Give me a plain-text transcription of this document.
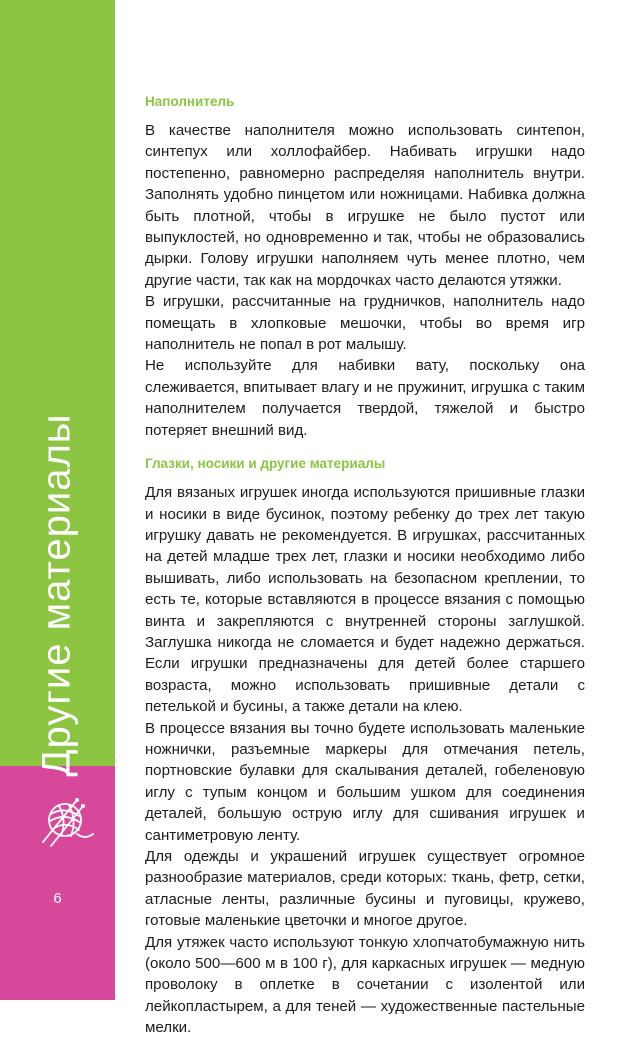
Другие материалы
6
Наполнитель

В качестве наполнителя можно использовать синтепон, синтепух или холлофайбер. Набивать игрушки надо постепенно, равномерно распределяя наполнитель внутри. Заполнять удобно пинцетом или ножницами. Набивка должна быть плотной, чтобы в игрушке не было пустот или выпуклостей, но одновременно и так, чтобы не образовались дырки. Голову игрушки наполняем чуть менее плотно, чем другие части, так как на мордочках часто делаются утяжки.

В игрушки, рассчитанные на грудничков, наполнитель надо помещать в хлопковые мешочки, чтобы во время игр наполнитель не попал в рот малышу.

Не используйте для набивки вату, поскольку она слеживается, впитывает влагу и не пружинит, игрушка с таким наполнителем получается твердой, тяжелой и быстро потеряет внешний вид.

Глазки, носики и другие материалы

Для вязаных игрушек иногда используются пришивные глазки и носики в виде бусинок, поэтому ребенку до трех лет такую игрушку давать не рекомендуется. В игрушках, рассчитанных на детей младше трех лет, глазки и носики необходимо либо вышивать, либо использовать на безопасном креплении, то есть те, которые вставляются в процессе вязания с помощью винта и закрепляются с внутренней стороны заглушкой. Заглушка никогда не сломается и будет надежно держаться. Если игрушки предназначены для детей более старшего возраста, можно использовать пришивные детали с петелькой и бусины, а также детали на клею.

В процессе вязания вы точно будете использовать маленькие ножнички, разъемные маркеры для отмечания петель, портновские булавки для скалывания деталей, гобеленовую иглу с тупым концом и большим ушком для соединения деталей, большую острую иглу для сшивания игрушек и сантиметровую ленту.

Для одежды и украшений игрушек существует огромное разнообразие материалов, среди которых: ткань, фетр, сетки, атласные ленты, различные бусины и пуговицы, кружево, готовые маленькие цветочки и многое другое.

Для утяжек часто используют тонкую хлопчатобумажную нить (около 500—600 м в 100 г), для каркасных игрушек — медную проволоку в оплетке в сочетании с изолентой или лейкопластырем, а для теней — художественные пастельные мелки.
